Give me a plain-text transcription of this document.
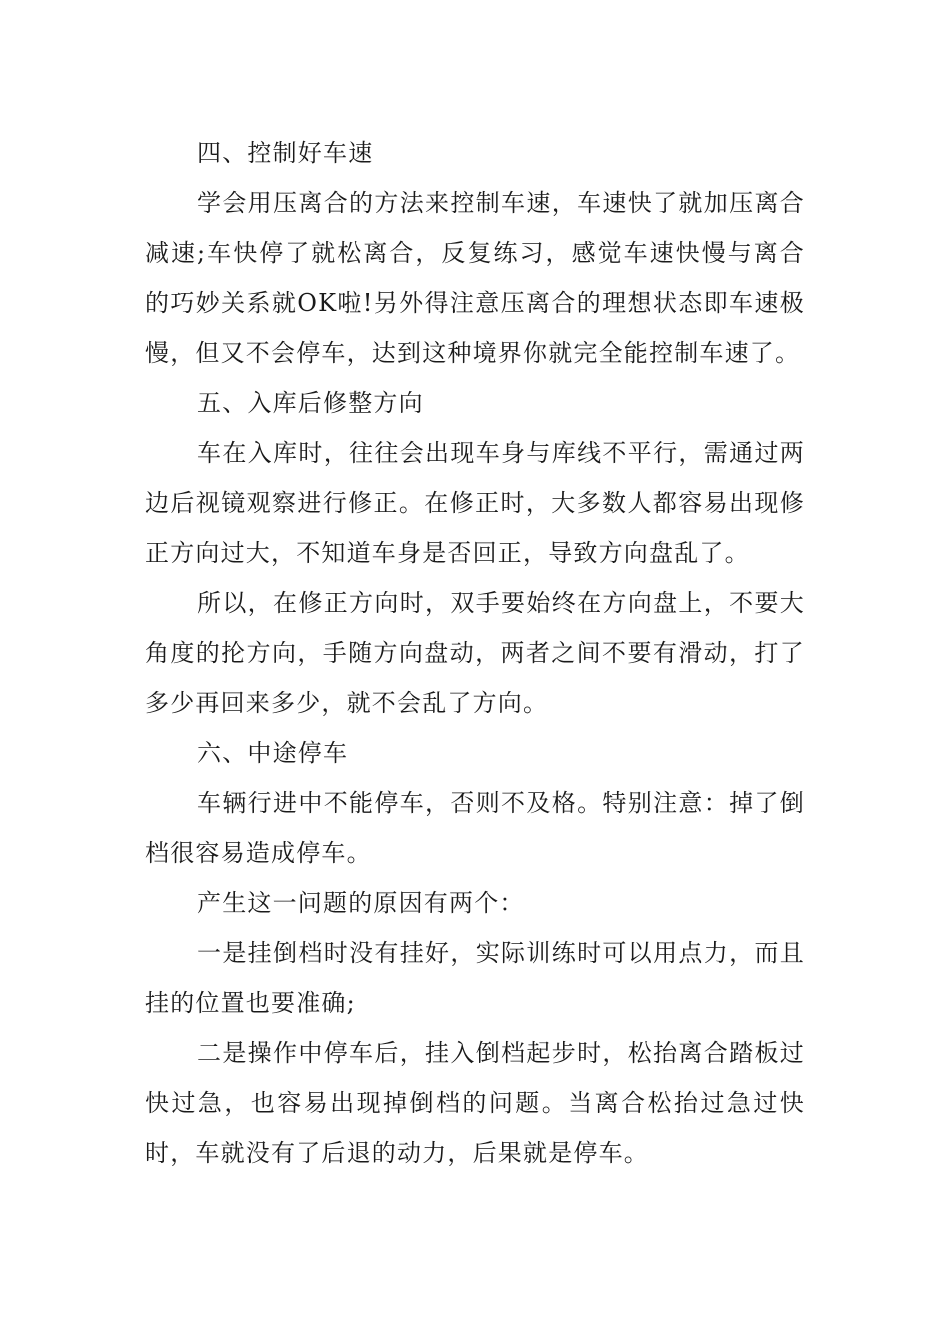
四、控制好车速

学会用压离合的方法来控制车速，车速快了就加压离合减速;车快停了就松离合，反复练习，感觉车速快慢与离合的巧妙关系就OK啦!另外得注意压离合的理想状态即车速极慢，但又不会停车，达到这种境界你就完全能控制车速了。

五、入库后修整方向

车在入库时，往往会出现车身与库线不平行，需通过两边后视镜观察进行修正。在修正时，大多数人都容易出现修正方向过大，不知道车身是否回正，导致方向盘乱了。

所以，在修正方向时，双手要始终在方向盘上，不要大角度的抡方向，手随方向盘动，两者之间不要有滑动，打了多少再回来多少，就不会乱了方向。

六、中途停车

车辆行进中不能停车，否则不及格。特别注意：掉了倒档很容易造成停车。

产生这一问题的原因有两个：

一是挂倒档时没有挂好，实际训练时可以用点力，而且挂的位置也要准确;

二是操作中停车后，挂入倒档起步时，松抬离合踏板过快过急，也容易出现掉倒档的问题。当离合松抬过急过快时，车就没有了后退的动力，后果就是停车。
